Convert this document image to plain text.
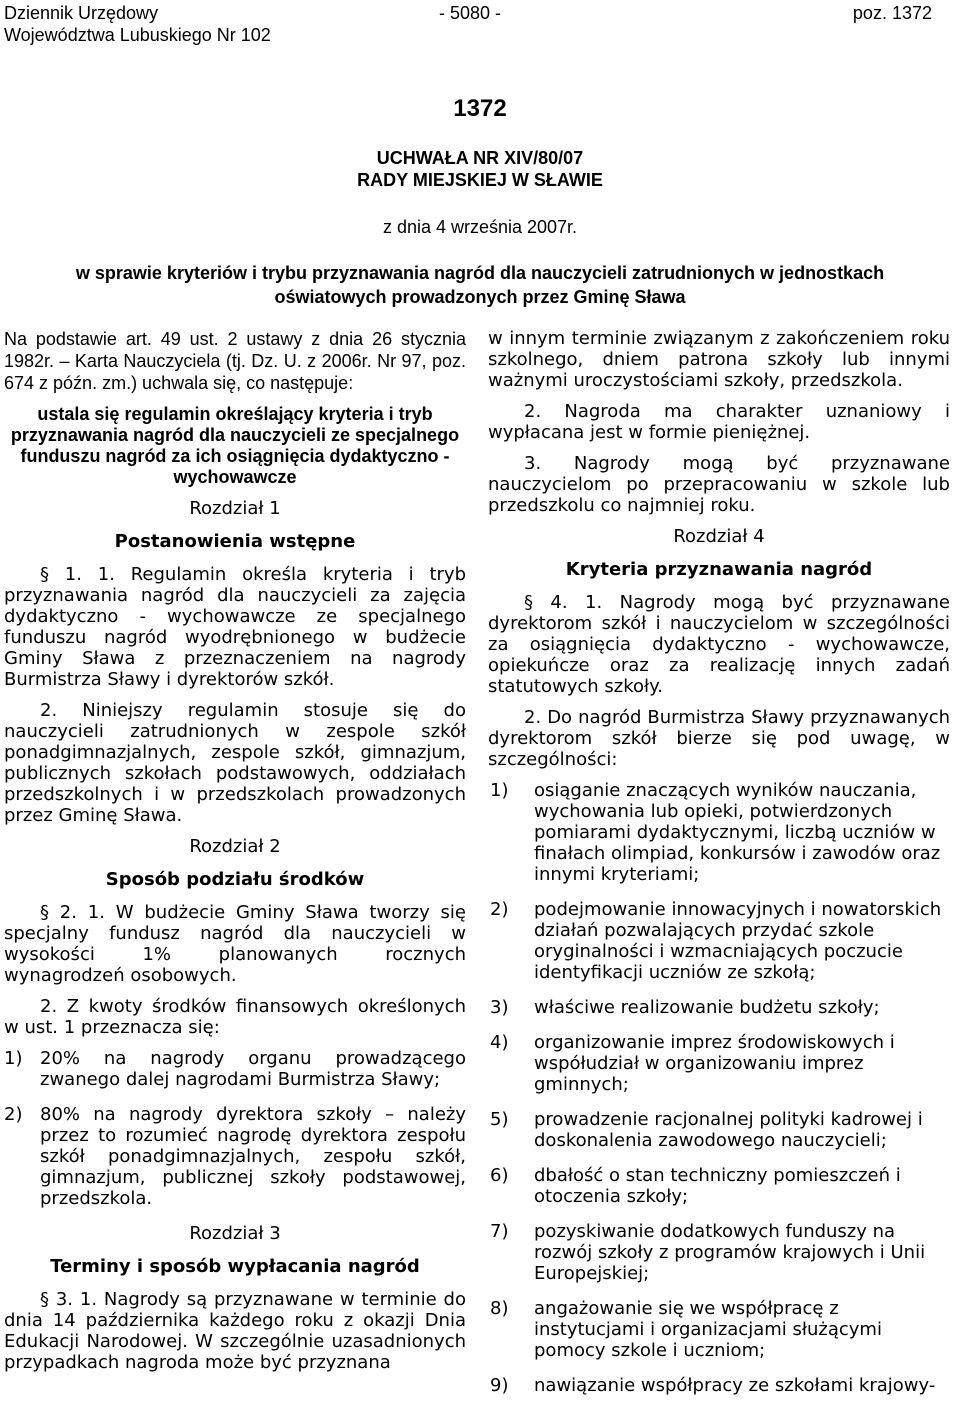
Dziennik Urzędowy
Województwa Lubuskiego Nr 102
- 5080 -	poz. 1372
1372
UCHWAŁA NR XIV/80/07
RADY MIEJSKIEJ W SŁAWIE
z dnia 4 września 2007r.
w sprawie kryteriów i trybu przyznawania nagród dla nauczycieli zatrudnionych w jednostkach oświatowych prowadzonych przez Gminę Sława

Na podstawie art. 49 ust. 2 ustawy z dnia 26 stycznia 1982r. – Karta Nauczyciela (tj. Dz. U. z 2006r. Nr 97, poz. 674 z późn. zm.) uchwala się, co następuje:

ustala się regulamin określający kryteria i tryb przyznawania nagród dla nauczycieli ze specjalnego funduszu nagród za ich osiągnięcia dydaktyczno - wychowawcze

Rozdział 1
Postanowienia wstępne

§ 1. 1. Regulamin określa kryteria i tryb przyznawania nagród dla nauczycieli za zajęcia dydaktyczno - wychowawcze ze specjalnego funduszu nagród wyodrębnionego w budżecie Gminy Sława z przeznaczeniem na nagrody Burmistrza Sławy i dyrektorów szkół.

2. Niniejszy regulamin stosuje się do nauczycieli zatrudnionych w zespole szkół ponadgimnazjalnych, zespole szkół, gimnazjum, publicznych szkołach podstawowych, oddziałach przedszkolnych i w przedszkolach prowadzonych przez Gminę Sława.

Rozdział 2
Sposób podziału środków

§ 2. 1. W budżecie Gminy Sława tworzy się specjalny fundusz nagród dla nauczycieli w wysokości 1% planowanych rocznych wynagrodzeń osobowych.

2. Z kwoty środków finansowych określonych w ust. 1 przeznacza się:

1) 20% na nagrody organu prowadzącego zwanego dalej nagrodami Burmistrza Sławy;
2) 80% na nagrody dyrektora szkoły – należy przez to rozumieć nagrodę dyrektora zespołu szkół ponadgimnazjalnych, zespołu szkół, gimnazjum, publicznej szkoły podstawowej, przedszkola.
Rozdział 3
Terminy i sposób wypłacania nagród

§ 3. 1. Nagrody są przyznawane w terminie do dnia 14 października każdego roku z okazji Dnia Edukacji Narodowej. W szczególnie uzasadnionych przypadkach nagroda może być przyznana

w innym terminie związanym z zakończeniem roku szkolnego, dniem patrona szkoły lub innymi ważnymi uroczystościami szkoły, przedszkola.

2. Nagroda ma charakter uznaniowy i wypłacana jest w formie pieniężnej.

3. Nagrody mogą być przyznawane nauczycielom po przepracowaniu w szkole lub przedszkolu co najmniej roku.

Rozdział 4
Kryteria przyznawania nagród

§ 4. 1. Nagrody mogą być przyznawane dyrektorom szkół i nauczycielom w szczególności za osiągnięcia dydaktyczno - wychowawcze, opiekuńcze oraz za realizację innych zadań statutowych szkoły.

2. Do nagród Burmistrza Sławy przyznawanych dyrektorom szkół bierze się pod uwagę, w szczególności:

1)	osiąganie znaczących wyników nauczania, wychowania lub opieki, potwierdzonych pomiarami dydaktycznymi, liczbą uczniów w finałach olimpiad, konkursów i zawodów oraz innymi kryteriami;
2)	podejmowanie innowacyjnych i nowatorskich działań pozwalających przydać szkole oryginalności i wzmacniających poczucie identyfikacji uczniów ze szkołą;
3)	właściwe realizowanie budżetu szkoły;
4)	organizowanie imprez środowiskowych i współudział w organizowaniu imprez gminnych;
5)	prowadzenie racjonalnej polityki kadrowej i doskonalenia zawodowego nauczycieli;
6)	dbałość o stan techniczny pomieszczeń i otoczenia szkoły;
7)	pozyskiwanie dodatkowych funduszy na rozwój szkoły z programów krajowych i Unii Europejskiej;
8)	angażowanie się we współpracę z instytucjami i organizacjami służącymi pomocy szkole i uczniom;
9)	nawiązanie współpracy ze szkołami krajowy-
